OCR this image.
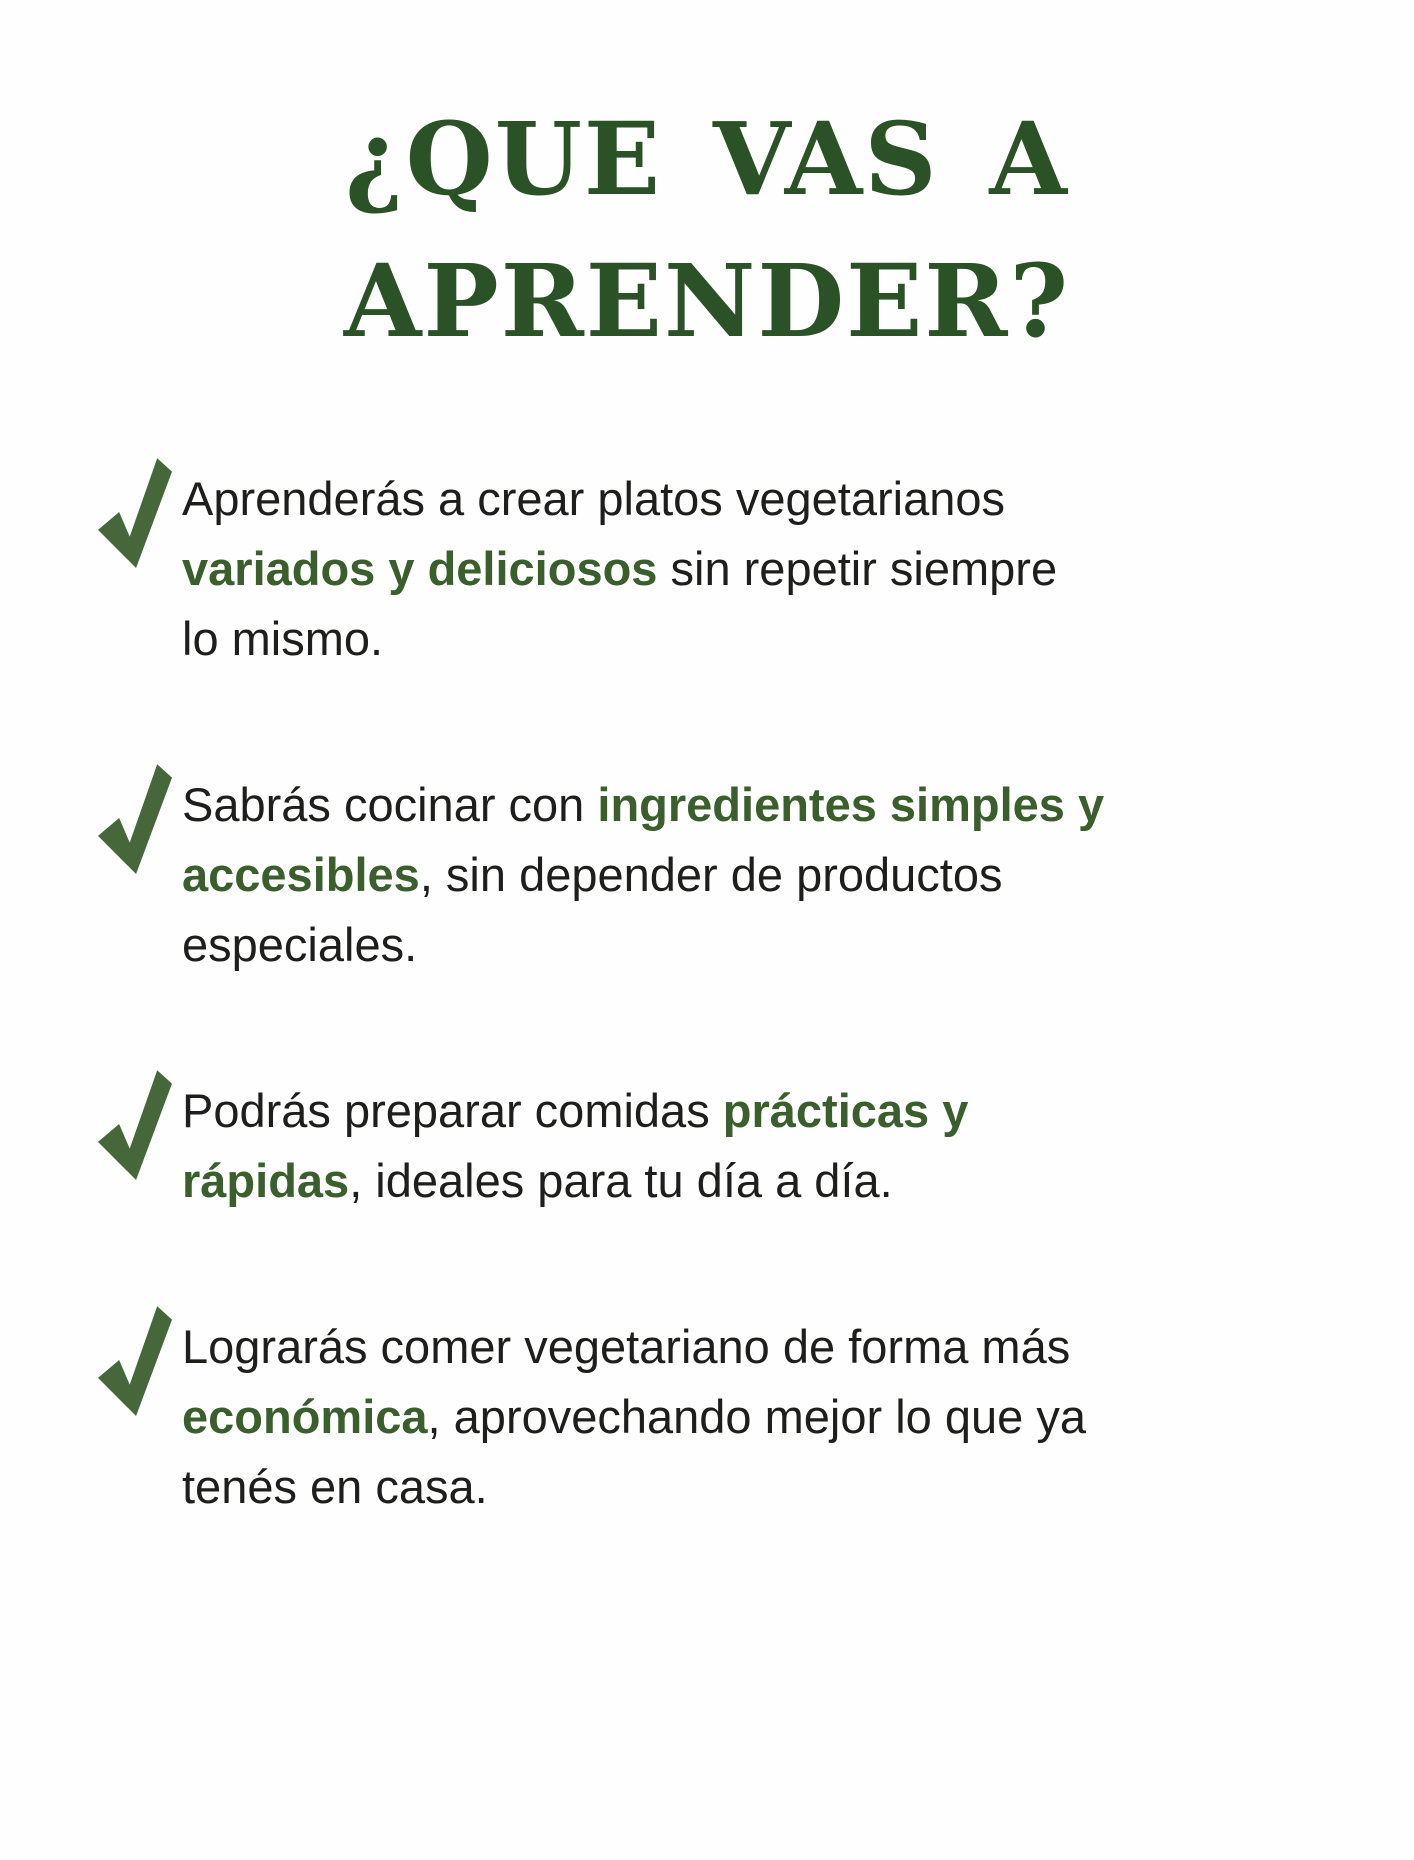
¿QUE VAS A
APRENDER?
Aprenderás a crear platos vegetarianos
variados y deliciosos sin repetir siempre
lo mismo.
Sabrás cocinar con ingredientes simples y
accesibles, sin depender de productos
especiales.
Podrás preparar comidas prácticas y
rápidas, ideales para tu día a día.
Lograrás comer vegetariano de forma más
económica, aprovechando mejor lo que ya
tenés en casa.
